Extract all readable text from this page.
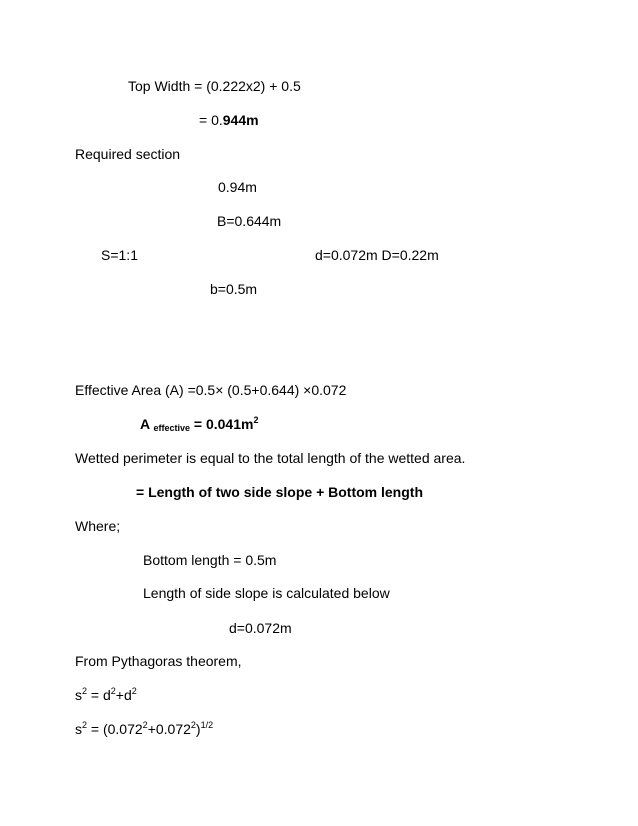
Top Width = (0.222x2) + 0.5
= 0.944m
Required section
0.94m
B=0.644m
S=1:1	d=0.072m D=0.22m
b=0.5m
Effective Area (A) =0.5× (0.5+0.644) ×0.072
A $_{effective} = 0.041m^2$
Wetted perimeter is equal to the total length of the wetted area.
= Length of two side slope + Bottom length
Where;
Bottom length = 0.5m
Length of side slope is calculated below
d=0.072m
From Pythagoras theorem,
$s^2 = d^2+d^2$
$s^2 = (0.072^2+0.072^2)^{1/2}$
